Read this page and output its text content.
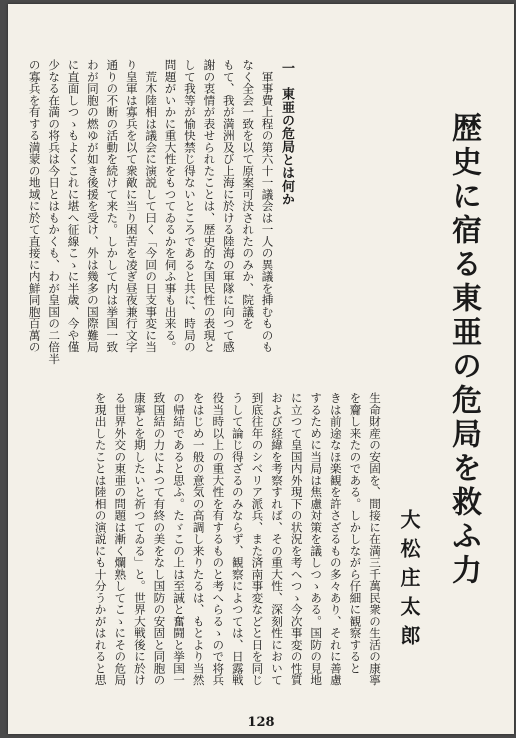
歴史に宿る東亜の危局を救ふ力
大松庄太郎
一　東亜の危局とは何か
　軍事費上程の第六十一議会は一人の異議を挿むものも
なく全会一致を以て原案可決されたのみか、院議を
もて、我が満洲及び上海に於ける陸海の軍隊に向つて感
謝の衷情が表せられたことは、歴史的な国民性の表現と
して我等が愉快禁じ得ないところであると共に、時局の
問題がいかに重大性をもつてゐるかを伺ふ事も出来る。
　荒木陸相は議会に演説して曰く「今回の日支事変に当
り皇軍は寡兵を以て衆敵に当り困苦を凌ぎ昼夜兼行文字
通りの不断の活動を続けて来た。しかして内は挙国一致
わが同胞の燃ゆが如き後援を受け、外は幾多の国際難局
に直面しつゝもよくこれに堪へ征線こゝに半歳、今や僅
少なる在満の将兵は今日とはもかくも、わが皇国の二倍半
の寡兵を有する満蒙の地域に於て直接に内鮮同胞百萬の
生命財産の安固を、間接に在満三千萬民衆の生活の康寧
を齎し来たのである。しかしながら仔細に観察すると
きは前途なほ楽観を許さざるもの多々あり、それに善慮
するために当局は焦慮対策を議しつゝある。国防の見地
に立つて皇国内外現下の状況を考へつゝ今次事変の性質
および経緯を考察すれば、その重大性、深刻性において
到底往年のシベリア派兵、また済南事変などと日を同じ
うして論じ得ざるのみならず、観察によつては、日露戦
役当時以上の重大性を有するものと考へらるゝので将兵
をはじめ一般の意気の高調し来りたるは、もとより当然
の帰結であると思ふ。たゞこの上は至誠と奮闘と挙国一
致国結の力によつて有終の美をなし国防の安固と同胞の
康寧とを期したいと祈つてゐる」と。世界大戦後に於け
る世界外交の東亜の問題は漸く爛熟してこゝにその危局
を現出したことは陸相の演説にも十分うかがはれると思
128
